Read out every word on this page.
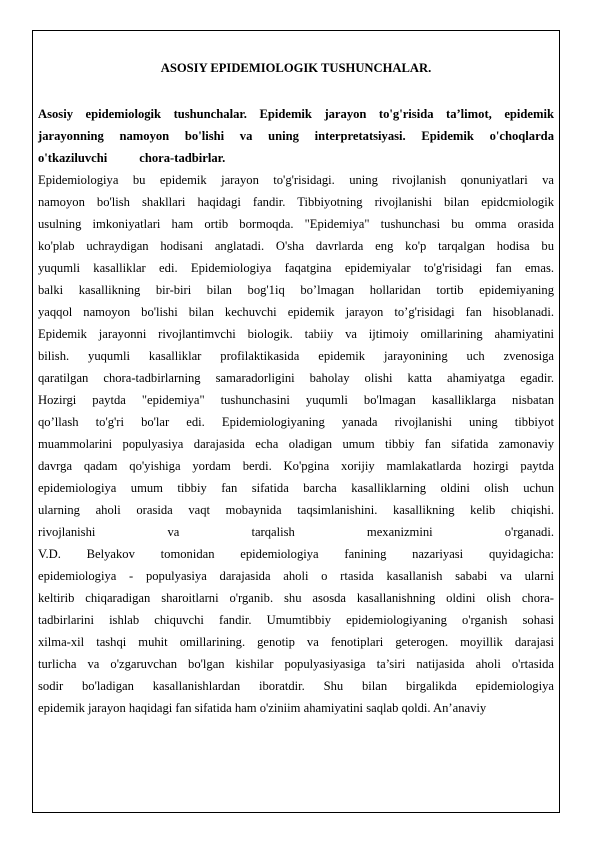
ASOSIY EPIDEMIOLOGIK TUSHUNCHALAR.
Asosiy epidemiologik tushunchalar. Epidemik jarayon to'g'risida ta’limot, epidemik
jarayonning namoyon bo'lishi va uning interpretatsiyasi. Epidemik o'choqlarda
o'tkaziluvchi	chora-tadbirlar.
Epidemiologiya bu epidemik jarayon to'g'risidagi. uning rivojlanish qonuniyatlari va
namoyon bo'lish shakllari haqidagi fandir. Tibbiyotning rivojlanishi bilan epidcmiologik
usulning imkoniyatlari ham ortib bormoqda. "Epidemiya" tushunchasi bu omma orasida
ko'plab uchraydigan hodisani anglatadi. O'sha davrlarda eng ko'p tarqalgan hodisa bu
yuqumli kasalliklar edi. Epidemiologiya faqatgina epidemiyalar to'g'risidagi fan emas.
balki kasallikning bir-biri bilan bog'1iq bo’lmagan hollaridan tortib epidemiyaning
yaqqol namoyon bo'lishi bilan kechuvchi epidemik jarayon to’g'risidagi fan hisoblanadi.
Epidemik jarayonni rivojlantimvchi biologik. tabiiy va ijtimoiy omillarining ahamiyatini
bilish. yuqumli kasalliklar profilaktikasida epidemik jarayonining uch zvenosiga
qaratilgan chora-tadbirlarning samaradorligini baholay olishi katta ahamiyatga egadir.
Hozirgi paytda "epidemiya" tushunchasini yuqumli bo'lmagan kasalliklarga nisbatan
qo’llash to'g'ri bo'lar edi. Epidemiologiyaning yanada rivojlanishi uning tibbiyot
muammolarini populyasiya darajasida echa oladigan umum tibbiy fan sifatida zamonaviy
davrga qadam qo'yishiga yordam berdi. Ko'pgina xorijiy mamlakatlarda hozirgi paytda
epidemiologiya umum tibbiy fan sifatida barcha kasalliklarning oldini olish uchun
ularning aholi orasida vaqt mobaynida taqsimlanishini. kasallikning kelib chiqishi.
rivojlanishi va tarqalish mexanizmini o'rganadi.
V.D. Belyakov tomonidan epidemiologiya fanining nazariyasi quyidagicha:
epidemiologiya - populyasiya darajasida aholi o rtasida kasallanish sababi va ularni
keltirib chiqaradigan sharoitlarni o'rganib. shu asosda kasallanishning oldini olish chora-
tadbirlarini ishlab chiquvchi fandir. Umumtibbiy epidemiologiyaning o'rganish sohasi
xilma-xil tashqi muhit omillarining. genotip va fenotiplari geterogen. moyillik darajasi
turlicha va o'zgaruvchan bo'lgan kishilar populyasiyasiga ta’siri natijasida aholi o'rtasida
sodir bo'ladigan kasallanishlardan iboratdir. Shu bilan birgalikda epidemiologiya
epidemik jarayon haqidagi fan sifatida ham o'ziniim ahamiyatini saqlab qoldi. An’anaviy
